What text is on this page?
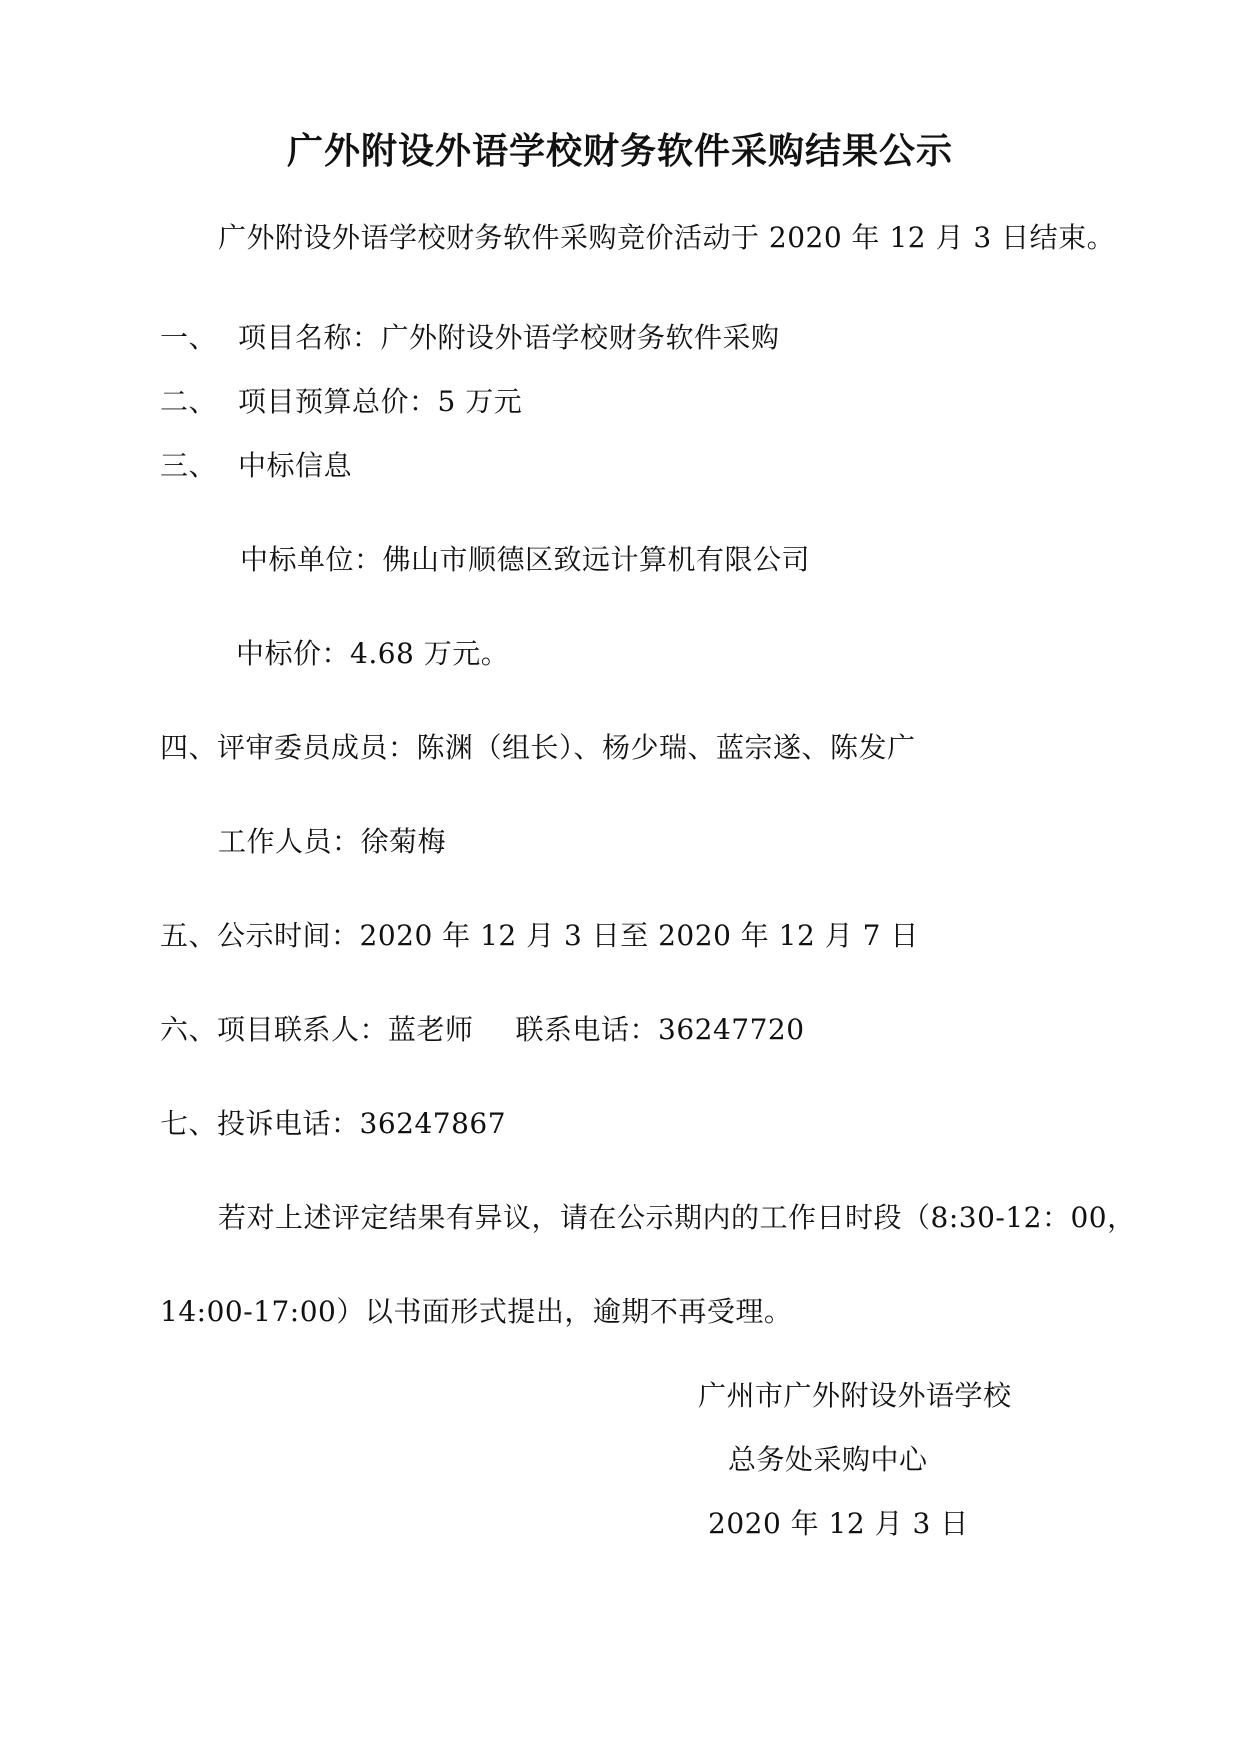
广外附设外语学校财务软件采购结果公示
广外附设外语学校财务软件采购竞价活动于 2020 年 12 月 3 日结束。
一、 项目名称：广外附设外语学校财务软件采购
二、 项目预算总价：5 万元
三、 中标信息
中标单位：佛山市顺德区致远计算机有限公司
中标价：4.68 万元。
四、评审委员成员：陈渊（组长）、杨少瑞、蓝宗遂、陈发广
工作人员：徐菊梅
五、公示时间：2020 年 12 月 3 日至 2020 年 12 月 7 日
六、项目联系人：蓝老师 联系电话：36247720
七、投诉电话：36247867
若对上述评定结果有异议，请在公示期内的工作日时段（8:30-12：00，
14:00-17:00）以书面形式提出，逾期不再受理。
广州市广外附设外语学校
总务处采购中心
2020 年 12 月 3 日
